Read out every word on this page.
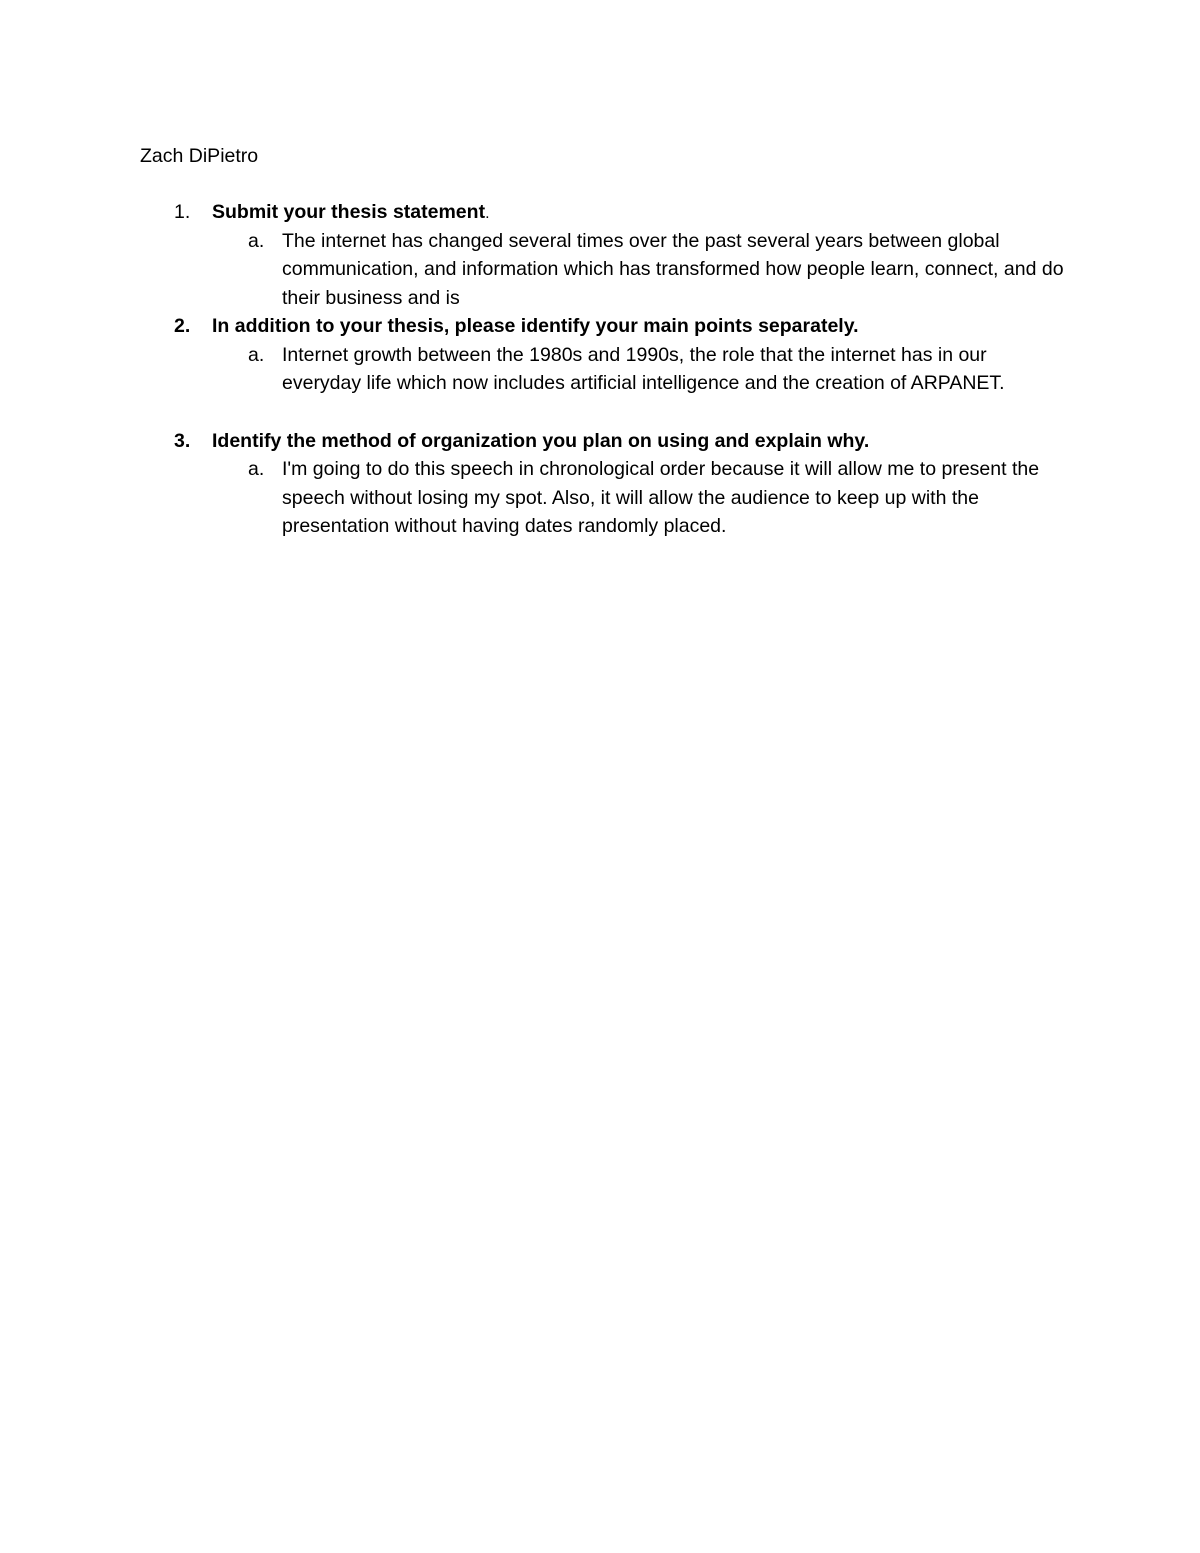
Zach DiPietro

1. Submit your thesis statement.
a. The internet has changed several times over the past several years between global communication, and information which has transformed how people learn, connect, and do their business and is
2. In addition to your thesis, please identify your main points separately.
a. Internet growth between the 1980s and 1990s, the role that the internet has in our everyday life which now includes artificial intelligence and the creation of ARPANET.
3. Identify the method of organization you plan on using and explain why.
a. I'm going to do this speech in chronological order because it will allow me to present the speech without losing my spot. Also, it will allow the audience to keep up with the presentation without having dates randomly placed.
